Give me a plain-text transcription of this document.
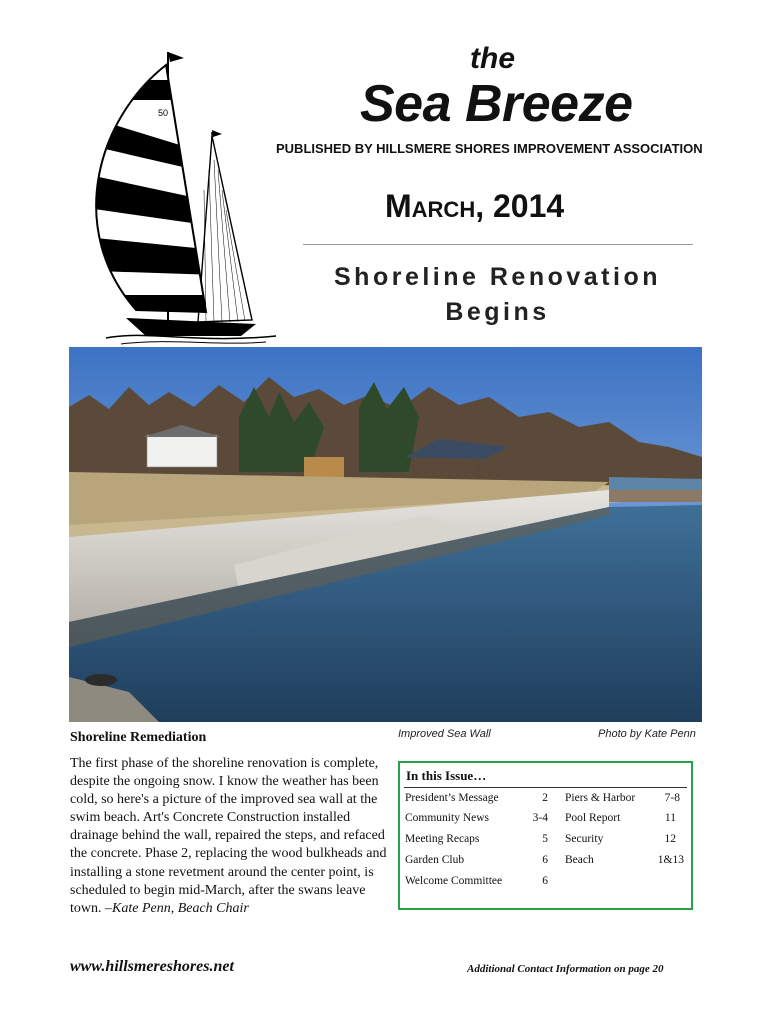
50
the
Sea Breeze
PUBLISHED BY HILLSMERE SHORES IMPROVEMENT ASSOCIATION
March, 2014
Shoreline Renovation
Begins
Improved Sea Wall	Photo by Kate Penn
Shoreline Remediation
The first phase of the shoreline renovation is complete, despite the ongoing snow. I know the weather has been cold, so here's a picture of the improved sea wall at the swim beach. Art's Concrete Construction installed drainage behind the wall, repaired the steps, and refaced the concrete. Phase 2, replacing the wood bulkheads and installing a stone revetment around the center point, is scheduled to begin mid-March, after the swans leave town. –Kate Penn, Beach Chair
In this Issue…
President’s Message	2
Community News	3-4
Meeting Recaps	5
Garden Club	6
Welcome Committee	6
Piers & Harbor	7-8
Pool Report	11
Security	12
Beach	1&13
www.hillsmereshores.net	Additional Contact Information on page 20
